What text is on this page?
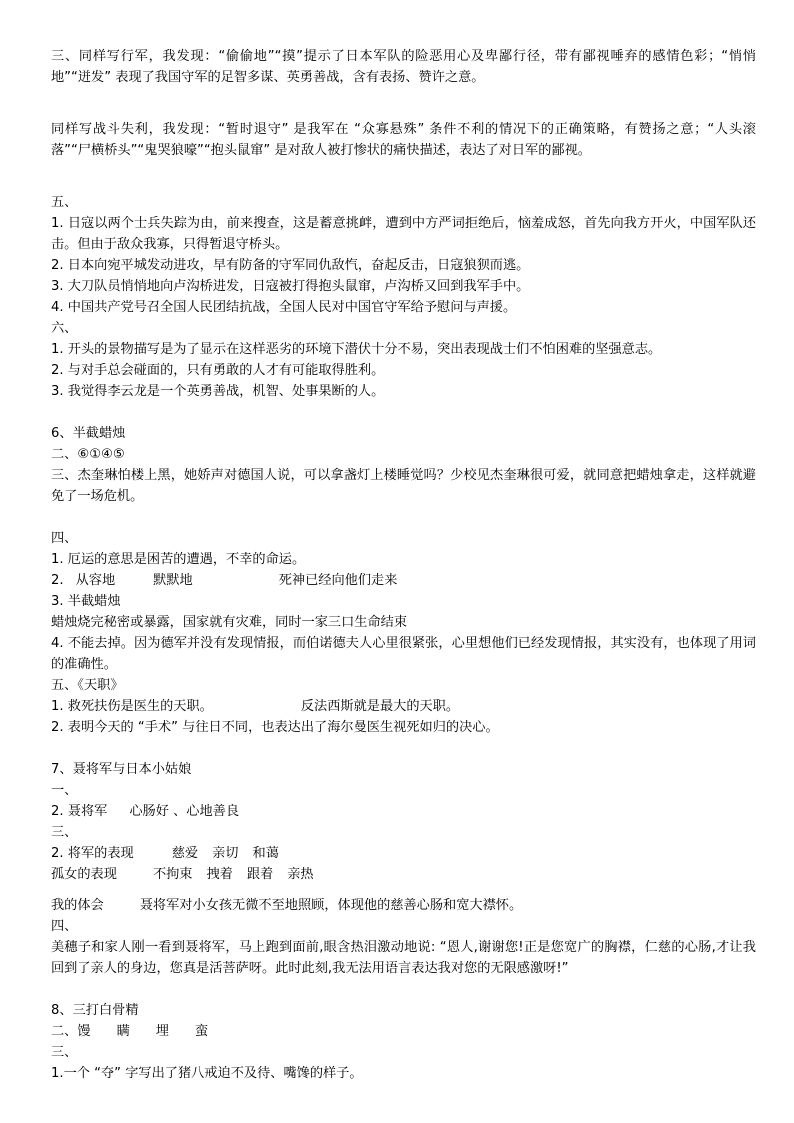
三、同样写行军，我发现：“偷偷地”“摸”提示了日本军队的险恶用心及卑鄙行径，带有鄙视唾弃的感情色彩；“悄悄地”“迸发” 表现了我国守军的足智多谋、英勇善战，含有表扬、赞许之意。
同样写战斗失利，我发现：“暂时退守” 是我军在 “众寡悬殊” 条件不利的情况下的正确策略，有赞扬之意；“人头滚落”“尸横桥头”“鬼哭狼嚎”“抱头鼠窜” 是对敌人被打惨状的痛快描述，表达了对日军的鄙视。
五、
1. 日寇以两个士兵失踪为由，前来搜查，这是蓄意挑衅，遭到中方严词拒绝后，恼羞成怒，首先向我方开火，中国军队还击。但由于敌众我寡，只得暂退守桥头。
2. 日本向宛平城发动进攻，早有防备的守军同仇敌忾，奋起反击，日寇狼狈而逃。
3. 大刀队员悄悄地向卢沟桥进发，日寇被打得抱头鼠窜，卢沟桥又回到我军手中。
4. 中国共产党号召全国人民团结抗战，全国人民对中国官守军给予慰问与声援。
六、
1. 开头的景物描写是为了显示在这样恶劣的环境下潜伏十分不易，突出表现战士们不怕困难的坚强意志。
2. 与对手总会碰面的，只有勇敢的人才有可能取得胜利。
3. 我觉得李云龙是一个英勇善战，机智、处事果断的人。
6、半截蜡烛
二、⑥①④⑤
三、杰奎琳怕楼上黑，她娇声对德国人说，可以拿盏灯上楼睡觉吗？少校见杰奎琳很可爱，就同意把蜡烛拿走，这样就避免了一场危机。
四、
1. 厄运的意思是困苦的遭遇，不幸的命运。
2. 从容地	默默地	死神已经向他们走来
3. 半截蜡烛
蜡烛烧完秘密或暴露，国家就有灾难，同时一家三口生命结束
4. 不能去掉。因为德军并没有发现情报，而伯诺德夫人心里很紧张，心里想他们已经发现情报，其实没有，也体现了用词的准确性。
五、《天职》
1. 救死扶伤是医生的天职。	反法西斯就是最大的天职。
2. 表明今天的 “手术” 与往日不同，也表达出了海尔曼医生视死如归的决心。
7、聂将军与日本小姑娘
一、
2. 聂将军 心肠好 、心地善良
三、
2. 将军的表现	慈爱 亲切 和蔼
孤女的表现	不拘束 拽着 跟着 亲热
我的体会	聂将军对小女孩无微不至地照顾，体现他的慈善心肠和宽大襟怀。
四、
美穗子和家人刚一看到聂将军，马上跑到面前,眼含热泪激动地说: “恩人,谢谢您!正是您宽广的胸襟，仁慈的心肠,才让我回到了亲人的身边，您真是活菩萨呀。此时此刻,我无法用语言表达我对您的无限感激呀!”
8、三打白骨精
二、馒 瞒 埋 蛮
三、
1.一个 “夺” 字写出了猪八戒迫不及待、嘴馋的样子。
